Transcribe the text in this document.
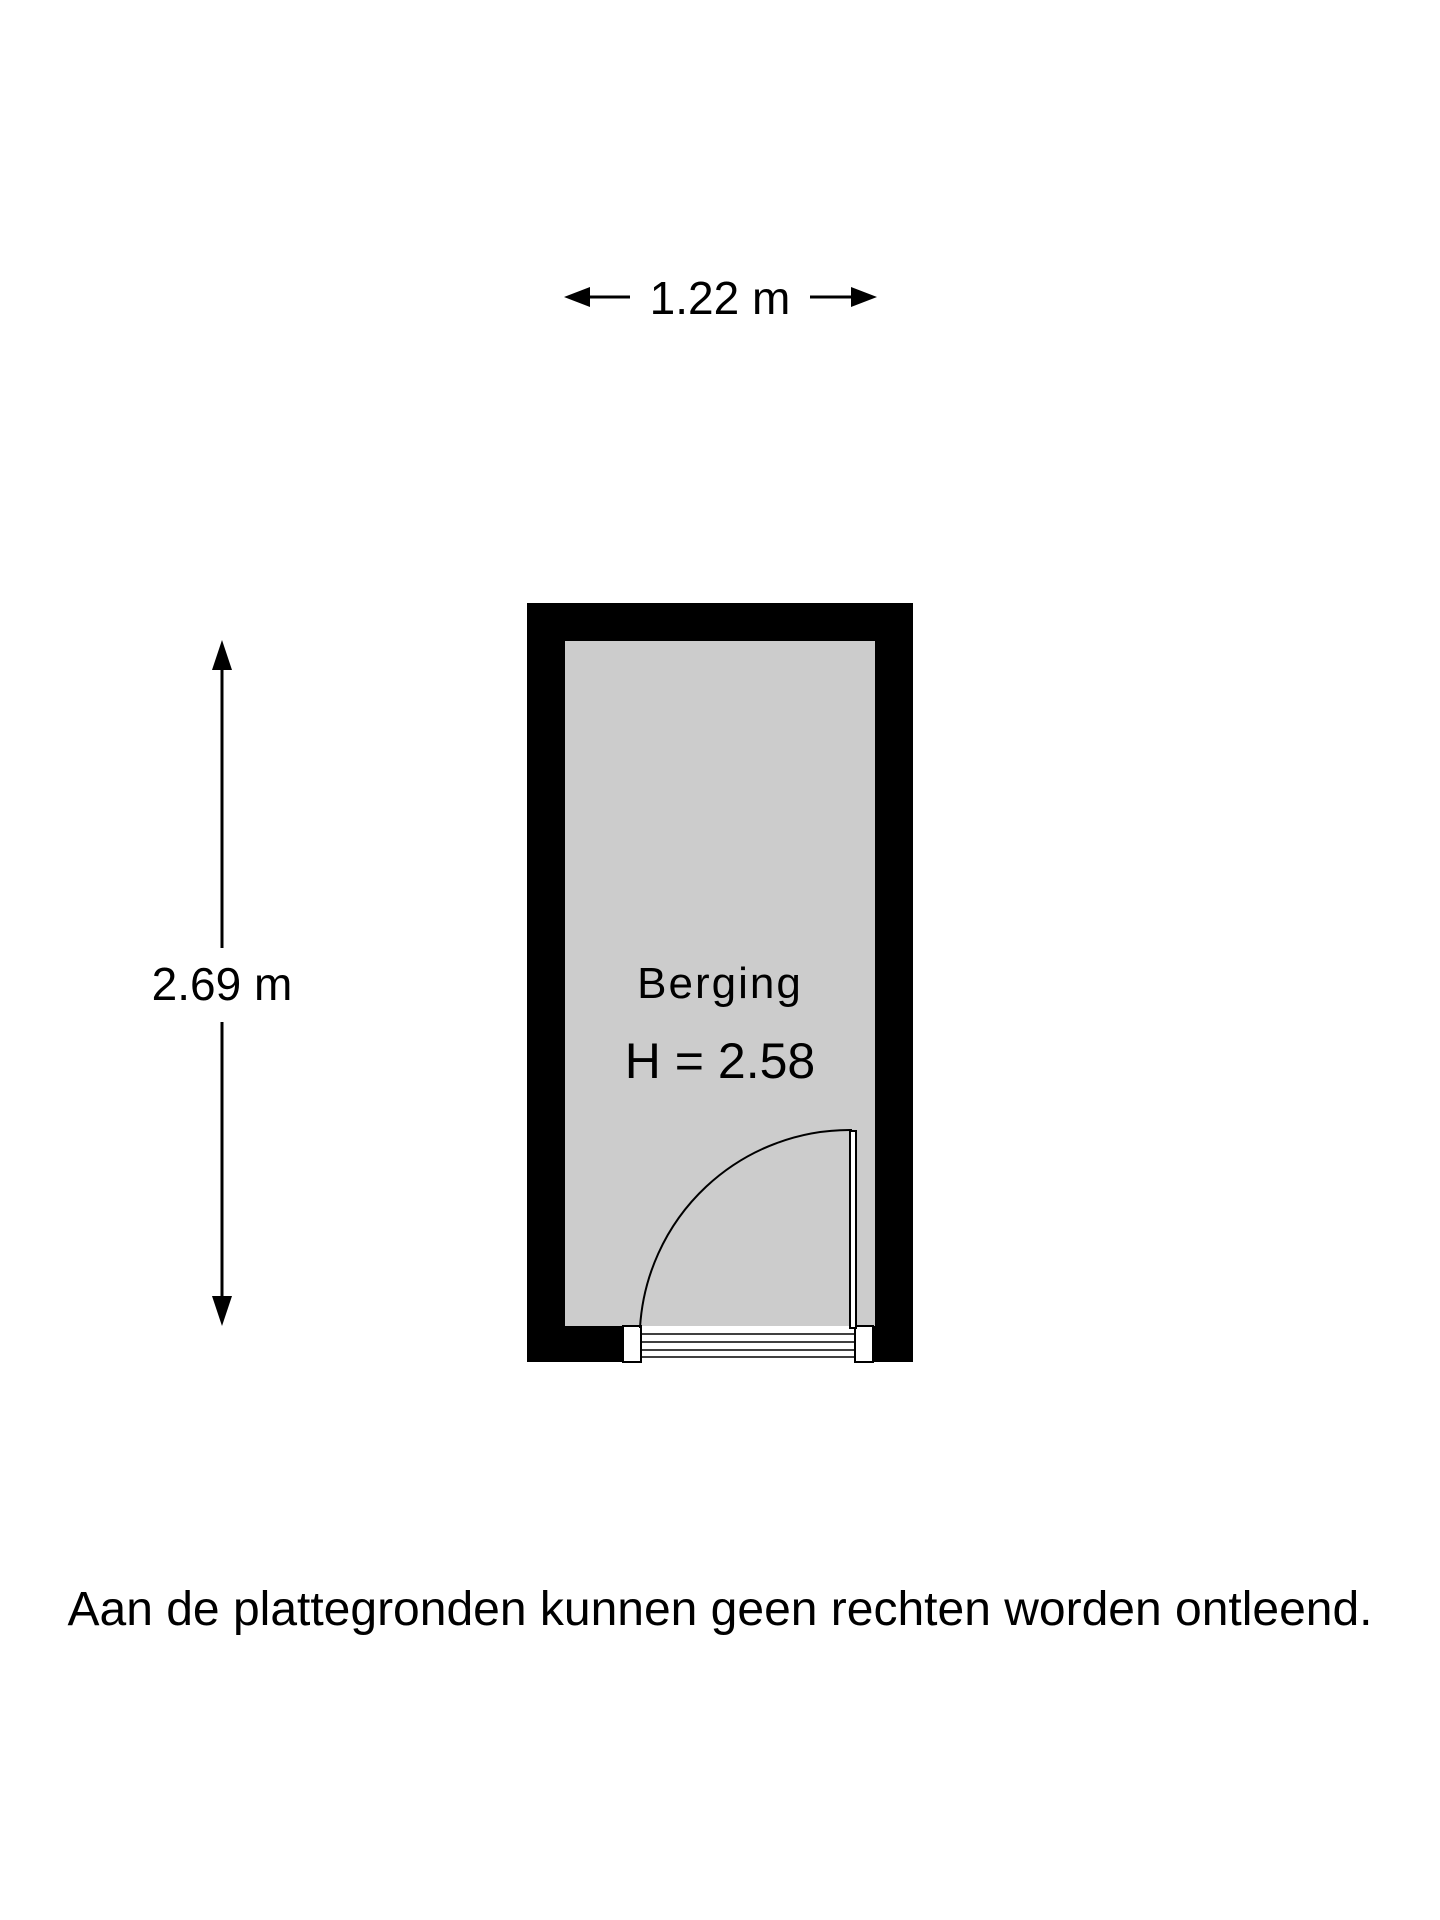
1.22 m
2.69 m	Berging
H = 2.58
Aan de plattegronden kunnen geen rechten worden ontleend.
